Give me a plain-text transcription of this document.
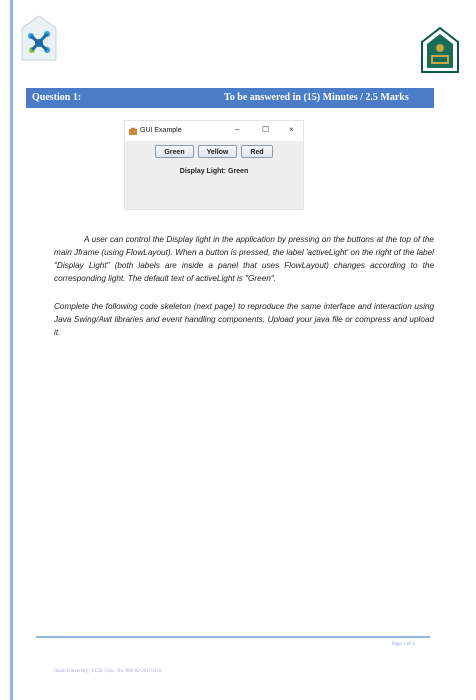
Question 1:	To be answered in (15) Minutes / 2.5 Marks
GUI Example	–	☐ ×
Green	Yellow	Red
Display Light: Green

A user can control the Display light in the application by pressing on the buttons at the top of the main Jframe (using FlowLayout). When a button is pressed, the label 'activeLight' on the right of the label "Display Light" (both labels are inside a panel that uses FlowLayout) changes according to the corresponding light. The default text of activeLight is "Green".

Complete the following code skeleton (next page) to reproduce the same interface and interaction using Java Swing/Awt libraries and event handling components. Upload your java file or compress and upload it.

Page 1 of 3
Imam University | CCIS | Doc. No. 006-02-20170316
